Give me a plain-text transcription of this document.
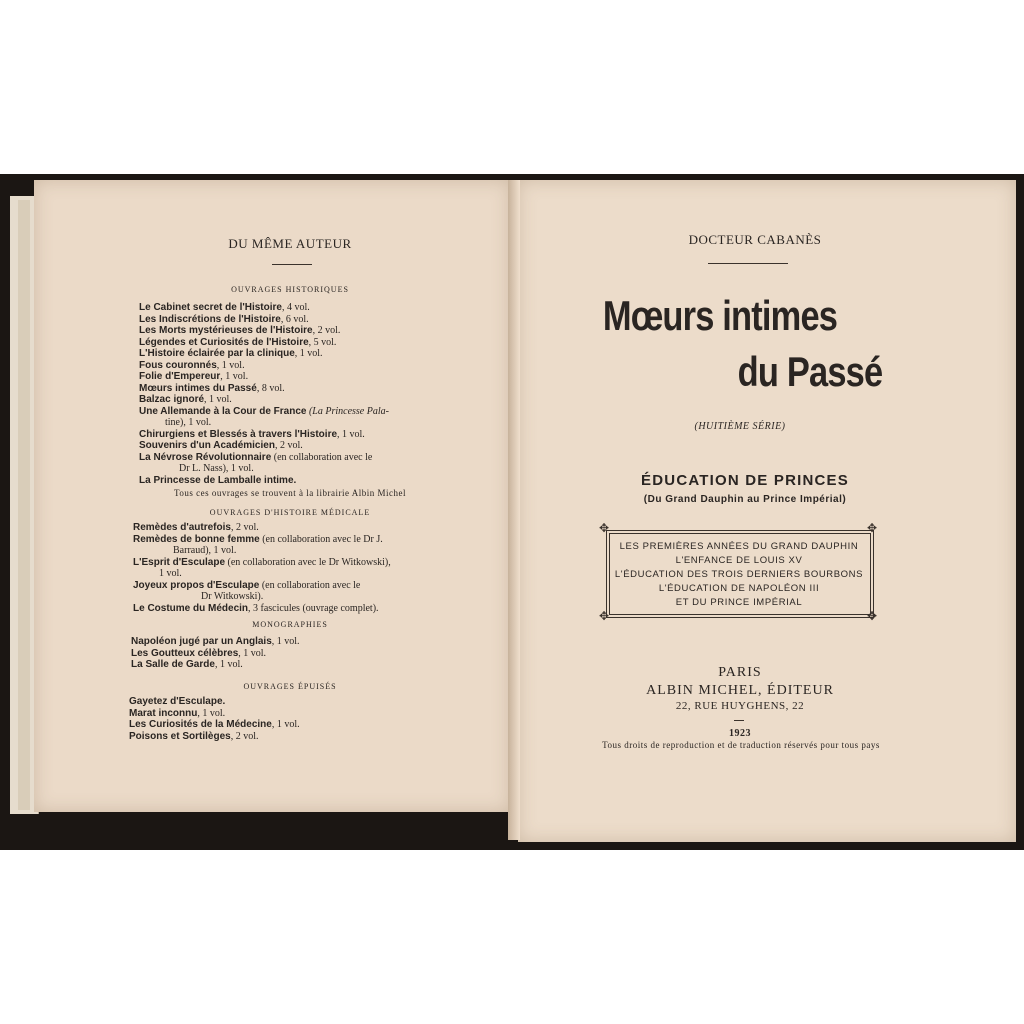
DU MÊME AUTEUR
OUVRAGES HISTORIQUES
Le Cabinet secret de l'Histoire, 4 vol.
Les Indiscrétions de l'Histoire, 6 vol.
Les Morts mystérieuses de l'Histoire, 2 vol.
Légendes et Curiosités de l'Histoire, 5 vol.
L'Histoire éclairée par la clinique, 1 vol.
Fous couronnés, 1 vol.
Folie d'Empereur, 1 vol.
Mœurs intimes du Passé, 8 vol.
Balzac ignoré, 1 vol.
Une Allemande à la Cour de France (La Princesse Pala-
tine), 1 vol.
Chirurgiens et Blessés à travers l'Histoire, 1 vol.
Souvenirs d'un Académicien, 2 vol.
La Névrose Révolutionnaire (en collaboration avec le
Dr L. Nass), 1 vol.
La Princesse de Lamballe intime.
Tous ces ouvrages se trouvent à la librairie Albin Michel
OUVRAGES D'HISTOIRE MÉDICALE
Remèdes d'autrefois, 2 vol.
Remèdes de bonne femme (en collaboration avec le Dr J.
Barraud), 1 vol.
L'Esprit d'Esculape (en collaboration avec le Dr Witkowski),
1 vol.
Joyeux propos d'Esculape (en collaboration avec le
Dr Witkowski).
Le Costume du Médecin, 3 fascicules (ouvrage complet).
MONOGRAPHIES
Napoléon jugé par un Anglais, 1 vol.
Les Goutteux célèbres, 1 vol.
La Salle de Garde, 1 vol.
OUVRAGES ÉPUISÉS
Gayetez d'Esculape.
Marat inconnu, 1 vol.
Les Curiosités de la Médecine, 1 vol.
Poisons et Sortilèges, 2 vol.
DOCTEUR CABANÈS
Mœurs intimes
du Passé
(HUITIÈME SÉRIE)
ÉDUCATION DE PRINCES
(Du Grand Dauphin au Prince Impérial)
✥	✥
✥	✥
LES PREMIÈRES ANNÉES DU GRAND DAUPHIN
L'ENFANCE DE LOUIS XV
L'ÉDUCATION DES TROIS DERNIERS BOURBONS
L'ÉDUCATION DE NAPOLÉON III
ET DU PRINCE IMPÉRIAL
PARIS
ALBIN MICHEL, ÉDITEUR
22, RUE HUYGHENS, 22
1923
Tous droits de reproduction et de traduction réservés pour tous pays
